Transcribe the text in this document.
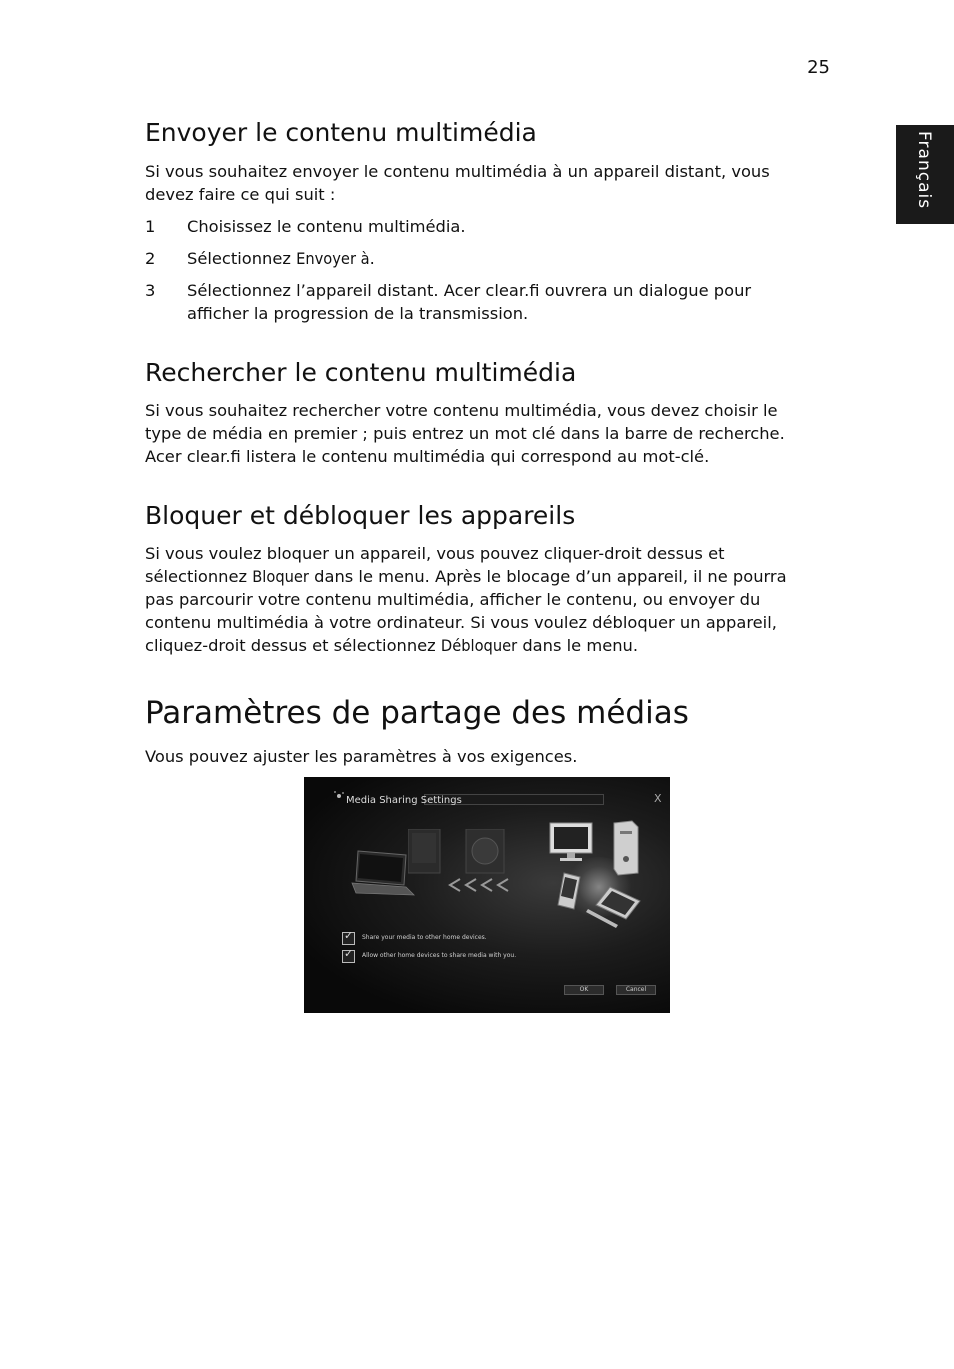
25
Français
Envoyer le contenu multimédia

Si vous souhaitez envoyer le contenu multimédia à un appareil distant, vous

devez faire ce qui suit :

1 Choisissez le contenu multimédia.
2 Sélectionnez Envoyer à.
3 Sélectionnez l’appareil distant. Acer clear.fi ouvrera un dialogue pour
afficher la progression de la transmission.
Rechercher le contenu multimédia

Si vous souhaitez rechercher votre contenu multimédia, vous devez choisir le

type de média en premier ; puis entrez un mot clé dans la barre de recherche.

Acer clear.fi listera le contenu multimédia qui correspond au mot-clé.

Bloquer et débloquer les appareils

Si vous voulez bloquer un appareil, vous pouvez cliquer-droit dessus et

sélectionnez Bloquer dans le menu. Après le blocage d’un appareil, il ne pourra

pas parcourir votre contenu multimédia, afficher le contenu, ou envoyer du

contenu multimédia à votre ordinateur. Si vous voulez débloquer un appareil,

cliquez-droit dessus et sélectionnez Débloquer dans le menu.

Paramètres de partage des médias

Vous pouvez ajuster les paramètres à vos exigences.

Media Sharing Settings	X
✓
Share your media to other home devices.
✓
Allow other home devices to share media with you.
OK	Cancel
